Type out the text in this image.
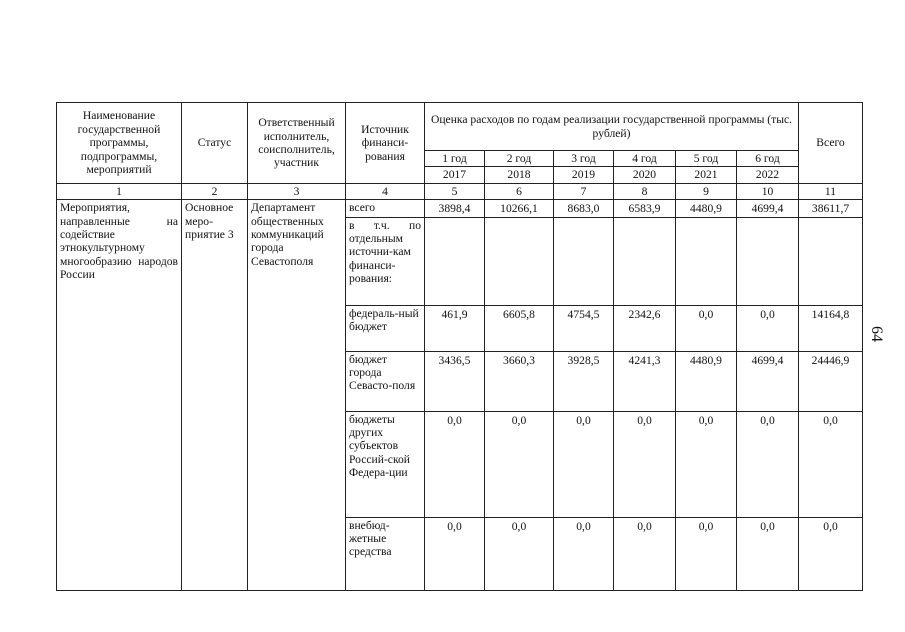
Наименование государственной программы, подпрограммы, мероприятий	Статус	Ответственный исполнитель, соисполнитель, участник	Источник финанси-рования	Оценка расходов по годам реализации государственной программы (тыс. рублей)						Всего
				1 год	2 год	3 год	4 год	5 год	6 год	
				2017	2018	2019	2020	2021	2022	
1	2	3	4	5	6	7	8	9	10	11
Мероприятия, направленные на содействие этнокультурному многообразию народов России	Основное меро-приятие 3	Департамент общественных коммуникаций города Севастополя	всего	3898,4	10266,1	8683,0	6583,9	4480,9	4699,4	38611,7
			в т.ч. по отдельным источни-кам финанси-рования:							
			федераль-ный бюджет	461,9	6605,8	4754,5	2342,6	0,0	0,0	14164,8
			бюджет города Севасто-поля	3436,5	3660,3	3928,5	4241,3	4480,9	4699,4	24446,9
			бюджеты других субъектов Россий-ской Федера-ции	0,0	0,0	0,0	0,0	0,0	0,0	0,0
			внебюд-жетные средства	0,0	0,0	0,0	0,0	0,0	0,0	0,0
64
